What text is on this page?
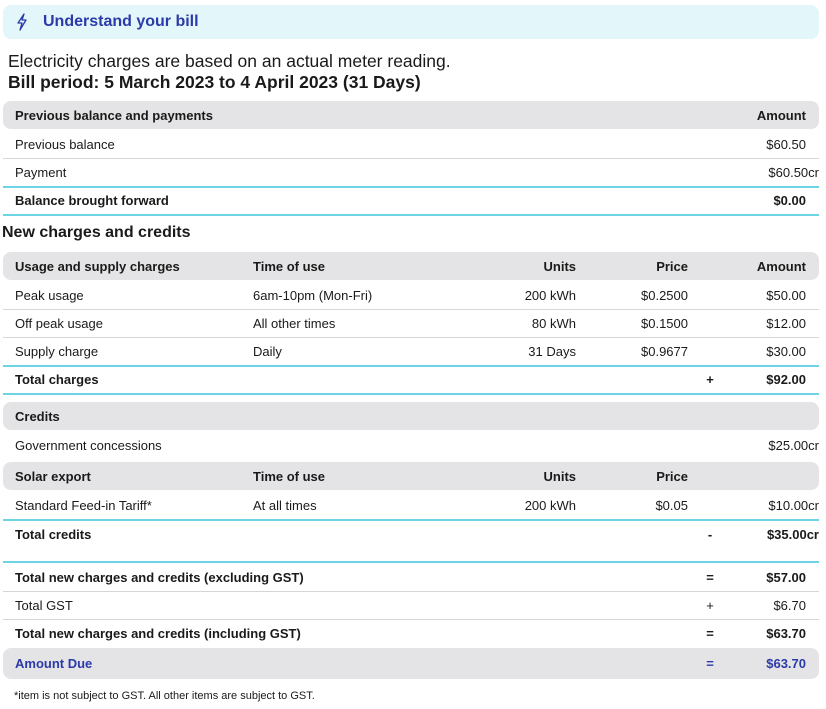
Understand your bill
Electricity charges are based on an actual meter reading.
Bill period: 5 March 2023 to 4 April 2023 (31 Days)
Previous balance and payments	Amount
Previous balance	$60.50
Payment	$60.50 cr
Balance brought forward	$0.00
New charges and credits
Usage and supply charges	Time of use	Units	Price	Amount
Peak usage	6am-10pm (Mon-Fri)	200 kWh	$0.2500	$50.00
Off peak usage	All other times	80 kWh	$0.1500	$12.00
Supply charge	Daily	31 Days	$0.9677	$30.00
Total charges	+	$92.00
Credits
Government concessions	$25.00 cr
Solar export	Time of use	Units	Price
Standard Feed-in Tariff*	At all times	200 kWh	$0.05	$10.00 cr
Total credits	-	$35.00 cr
Total new charges and credits (excluding GST)	=	$57.00
Total GST	+	$6.70
Total new charges and credits (including GST)	=	$63.70
Amount Due	=	$63.70
*item is not subject to GST. All other items are subject to GST.
